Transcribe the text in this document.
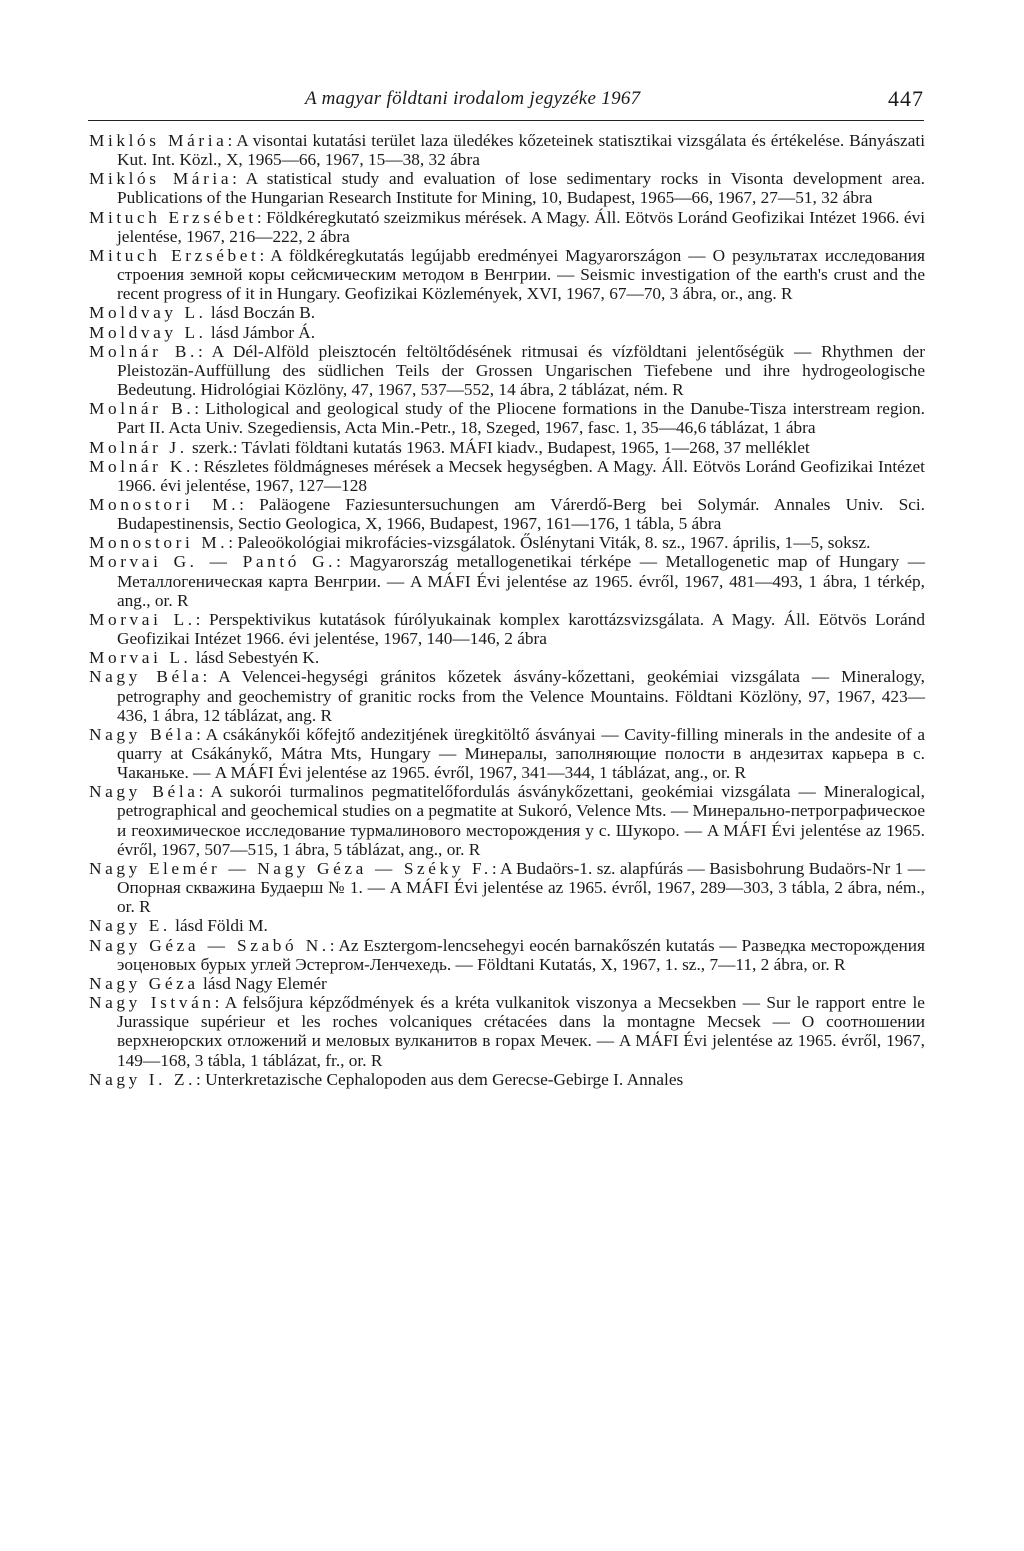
A magyar földtani irodalom jegyzéke 1967	447

Miklós Mária: A visontai kutatási terület laza üledékes kőzeteinek statisztikai vizsgálata és értékelése. Bányászati Kut. Int. Közl., X, 1965—66, 1967, 15—38, 32 ábra

Miklós Mária: A statistical study and evaluation of lose sedimentary rocks in Visonta development area. Publications of the Hungarian Research Institute for Mining, 10, Budapest, 1965—66, 1967, 27—51, 32 ábra

Mituch Erzsébet: Földkéregkutató szeizmikus mérések. A Magy. Áll. Eötvös Loránd Geofizikai Intézet 1966. évi jelentése, 1967, 216—222, 2 ábra

Mituch Erzsébet: A földkéregkutatás legújabb eredményei Magyarországon — О результатах исследования строения земной коры сейсмическим методом в Венгрии. — Seismic investigation of the earth's crust and the recent progress of it in Hungary. Geofizikai Közlemények, XVI, 1967, 67—70, 3 ábra, or., ang. R

Moldvay L. lásd Boczán B.

Moldvay L. lásd Jámbor Á.

Molnár B.: A Dél-Alföld pleisztocén feltöltődésének ritmusai és vízföldtani jelentőségük — Rhythmen der Pleistozän-Auffüllung des südlichen Teils der Grossen Ungarischen Tiefebene und ihre hydrogeologische Bedeutung. Hidrológiai Közlöny, 47, 1967, 537—552, 14 ábra, 2 táblázat, ném. R

Molnár B.: Lithological and geological study of the Pliocene formations in the Danube-Tisza interstream region. Part II. Acta Univ. Szegediensis, Acta Min.-Petr., 18, Szeged, 1967, fasc. 1, 35—46,6 táblázat, 1 ábra

Molnár J. szerk.: Távlati földtani kutatás 1963. MÁFI kiadv., Budapest, 1965, 1—268, 37 melléklet

Molnár K.: Részletes földmágneses mérések a Mecsek hegységben. A Magy. Áll. Eötvös Loránd Geofizikai Intézet 1966. évi jelentése, 1967, 127—128

Monostori M.: Paläogene Faziesuntersuchungen am Várerdő-Berg bei Solymár. Annales Univ. Sci. Budapestinensis, Sectio Geologica, X, 1966, Budapest, 1967, 161—176, 1 tábla, 5 ábra

Monostori M.: Paleoökológiai mikrofácies-vizsgálatok. Őslénytani Viták, 8. sz., 1967. április, 1—5, soksz.

Morvai G. — Pantó G.: Magyarország metallogenetikai térképe — Metallogenetic map of Hungary — Металлогеническая карта Венгрии. — A MÁFI Évi jelentése az 1965. évről, 1967, 481—493, 1 ábra, 1 térkép, ang., or. R

Morvai L.: Perspektivikus kutatások fúrólyukainak komplex karottázsvizsgálata. A Magy. Áll. Eötvös Loránd Geofizikai Intézet 1966. évi jelentése, 1967, 140—146, 2 ábra

Morvai L. lásd Sebestyén K.

Nagy Béla: A Velencei-hegységi gránitos kőzetek ásvány-kőzettani, geokémiai vizsgálata — Mineralogy, petrography and geochemistry of granitic rocks from the Velence Mountains. Földtani Közlöny, 97, 1967, 423—436, 1 ábra, 12 táblázat, ang. R

Nagy Béla: A csákánykői kőfejtő andezitjének üregkitöltő ásványai — Cavity-filling minerals in the andesite of a quarry at Csákánykő, Mátra Mts, Hungary — Минералы, заполняющие полости в андезитах карьера в с. Чаканьке. — A MÁFI Évi jelentése az 1965. évről, 1967, 341—344, 1 táblázat, ang., or. R

Nagy Béla: A sukorói turmalinos pegmatitelőfordulás ásványkőzettani, geokémiai vizsgálata — Mineralogical, petrographical and geochemical studies on a pegmatite at Sukoró, Velence Mts. — Минерально-петрографическое и геохимическое исследование турмалинового месторождения у с. Шукоро. — A MÁFI Évi jelentése az 1965. évről, 1967, 507—515, 1 ábra, 5 táblázat, ang., or. R

Nagy Elemér — Nagy Géza — Széky F.: A Budaörs-1. sz. alapfúrás — Basisbohrung Budaörs-Nr 1 — Опорная скважина Будаерш № 1. — A MÁFI Évi jelentése az 1965. évről, 1967, 289—303, 3 tábla, 2 ábra, ném., or. R

Nagy E. lásd Földi M.

Nagy Géza — Szabó N.: Az Esztergom-lencsehegyi eocén barnakőszén kutatás — Разведка месторождения эоценовых бурых углей Эстергом-Ленчехедь. — Földtani Kutatás, X, 1967, 1. sz., 7—11, 2 ábra, or. R

Nagy Géza lásd Nagy Elemér

Nagy István: A felsőjura képződmények és a kréta vulkanitok viszonya a Mecsekben — Sur le rapport entre le Jurassique supérieur et les roches volcaniques crétacées dans la montagne Mecsek — О соотношении верхнеюрских отложений и меловых вулканитов в горах Мечек. — A MÁFI Évi jelentése az 1965. évről, 1967, 149—168, 3 tábla, 1 táblázat, fr., or. R

Nagy I. Z.: Unterkretazische Cephalopoden aus dem Gerecse-Gebirge I. Annales
